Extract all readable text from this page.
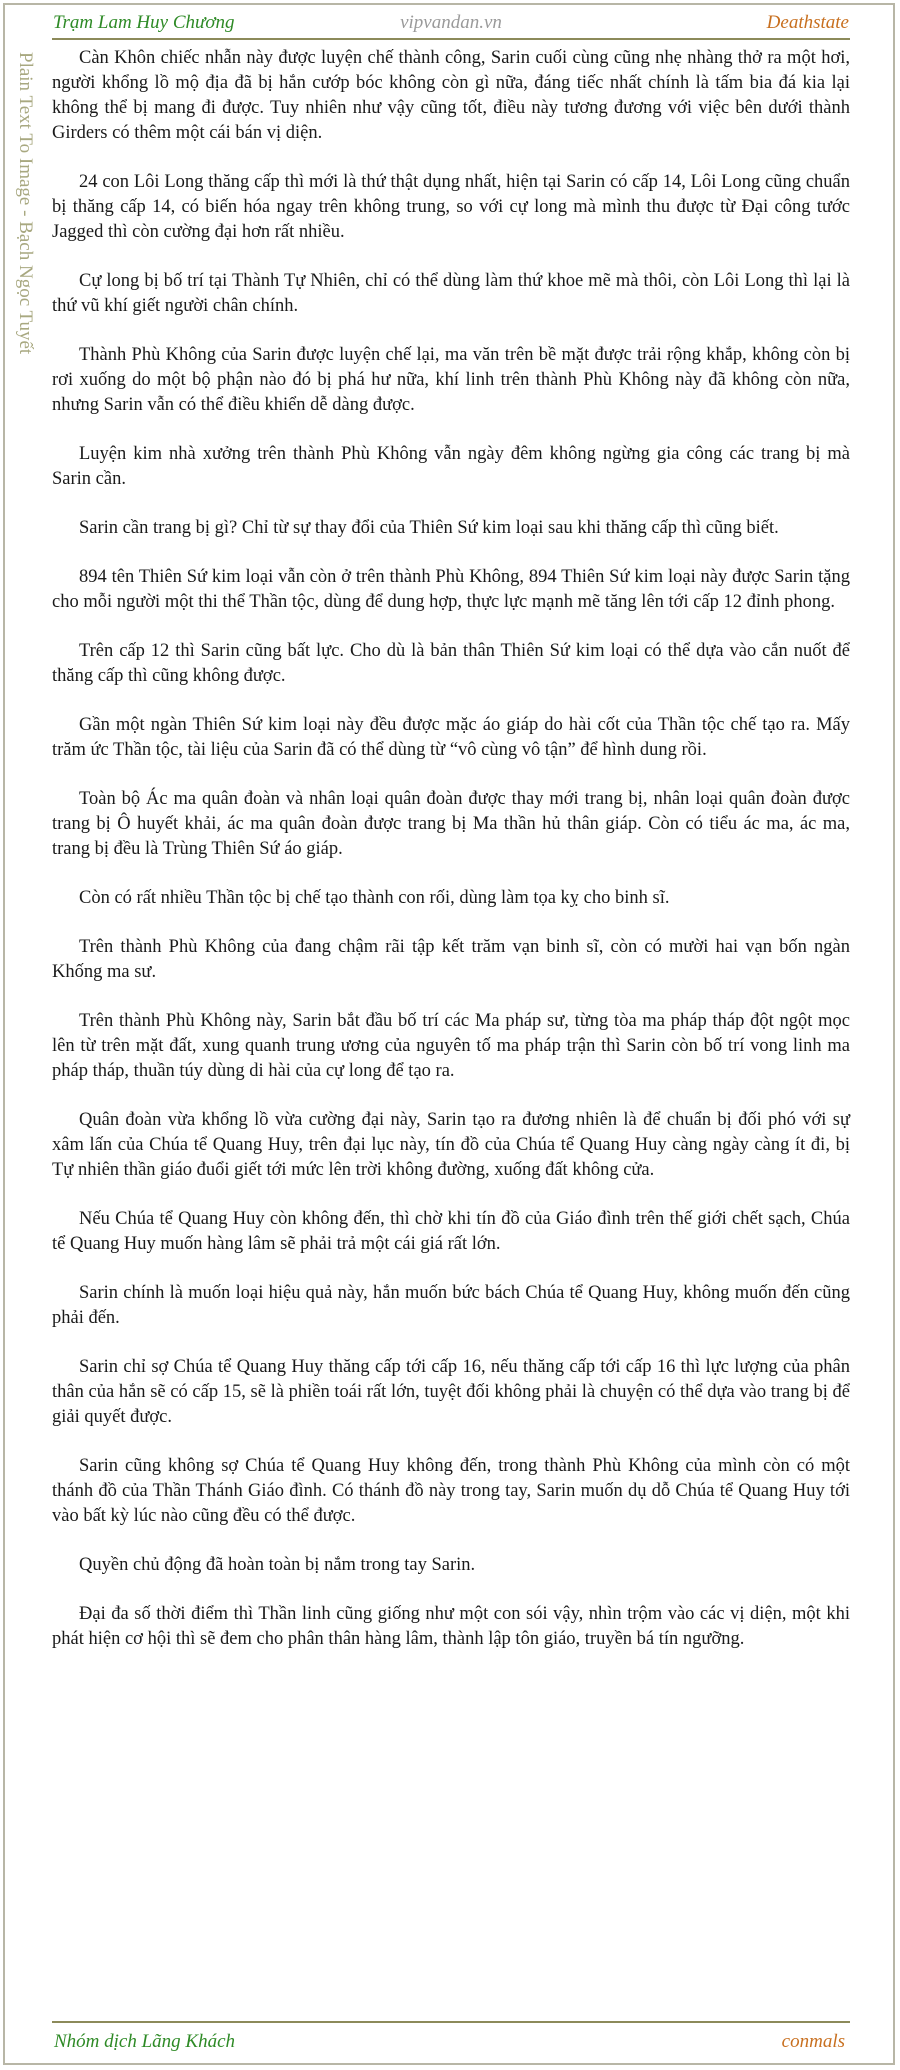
Trạm Lam Huy Chương	vipvandan.vn	Deathstate
Plain Text To Image - Bạch Ngọc Tuyết	Càn Khôn chiếc nhẫn này được luyện chế thành công, Sarin cuối cùng cũng nhẹ nhàng thở ra một hơi, người khổng lồ mộ địa đã bị hắn cướp bóc không còn gì nữa, đáng tiếc nhất chính là tấm bia đá kia lại không thể bị mang đi được. Tuy nhiên như vậy cũng tốt, điều này tương đương với việc bên dưới thành Girders có thêm một cái bán vị diện.

24 con Lôi Long thăng cấp thì mới là thứ thật dụng nhất, hiện tại Sarin có cấp 14, Lôi Long cũng chuẩn bị thăng cấp 14, có biến hóa ngay trên không trung, so với cự long mà mình thu được từ Đại công tước Jagged thì còn cường đại hơn rất nhiều.

Cự long bị bố trí tại Thành Tự Nhiên, chỉ có thể dùng làm thứ khoe mẽ mà thôi, còn Lôi Long thì lại là thứ vũ khí giết người chân chính.

Thành Phù Không của Sarin được luyện chế lại, ma văn trên bề mặt được trải rộng khắp, không còn bị rơi xuống do một bộ phận nào đó bị phá hư nữa, khí linh trên thành Phù Không này đã không còn nữa, nhưng Sarin vẫn có thể điều khiển dễ dàng được.

Luyện kim nhà xưởng trên thành Phù Không vẫn ngày đêm không ngừng gia công các trang bị mà Sarin cần.

Sarin cần trang bị gì? Chỉ từ sự thay đổi của Thiên Sứ kim loại sau khi thăng cấp thì cũng biết.

894 tên Thiên Sứ kim loại vẫn còn ở trên thành Phù Không, 894 Thiên Sứ kim loại này được Sarin tặng cho mỗi người một thi thể Thần tộc, dùng để dung hợp, thực lực mạnh mẽ tăng lên tới cấp 12 đỉnh phong.

Trên cấp 12 thì Sarin cũng bất lực. Cho dù là bản thân Thiên Sứ kim loại có thể dựa vào cắn nuốt để thăng cấp thì cũng không được.

Gần một ngàn Thiên Sứ kim loại này đều được mặc áo giáp do hài cốt của Thần tộc chế tạo ra. Mấy trăm ức Thần tộc, tài liệu của Sarin đã có thể dùng từ “vô cùng vô tận” để hình dung rồi.

Toàn bộ Ác ma quân đoàn và nhân loại quân đoàn được thay mới trang bị, nhân loại quân đoàn được trang bị Ô huyết khải, ác ma quân đoàn được trang bị Ma thần hủ thân giáp. Còn có tiểu ác ma, ác ma, trang bị đều là Trùng Thiên Sứ áo giáp.

Còn có rất nhiều Thần tộc bị chế tạo thành con rối, dùng làm tọa kỵ cho binh sĩ.

Trên thành Phù Không của đang chậm rãi tập kết trăm vạn binh sĩ, còn có mười hai vạn bốn ngàn Khống ma sư.

Trên thành Phù Không này, Sarin bắt đầu bố trí các Ma pháp sư, từng tòa ma pháp tháp đột ngột mọc lên từ trên mặt đất, xung quanh trung ương của nguyên tố ma pháp trận thì Sarin còn bố trí vong linh ma pháp tháp, thuần túy dùng di hài của cự long để tạo ra.

Quân đoàn vừa khổng lồ vừa cường đại này, Sarin tạo ra đương nhiên là để chuẩn bị đối phó với sự xâm lấn của Chúa tể Quang Huy, trên đại lục này, tín đồ của Chúa tể Quang Huy càng ngày càng ít đi, bị Tự nhiên thần giáo đuổi giết tới mức lên trời không đường, xuống đất không cửa.

Nếu Chúa tể Quang Huy còn không đến, thì chờ khi tín đồ của Giáo đình trên thế giới chết sạch, Chúa tể Quang Huy muốn hàng lâm sẽ phải trả một cái giá rất lớn.

Sarin chính là muốn loại hiệu quả này, hắn muốn bức bách Chúa tể Quang Huy, không muốn đến cũng phải đến.

Sarin chỉ sợ Chúa tể Quang Huy thăng cấp tới cấp 16, nếu thăng cấp tới cấp 16 thì lực lượng của phân thân của hắn sẽ có cấp 15, sẽ là phiền toái rất lớn, tuyệt đối không phải là chuyện có thể dựa vào trang bị để giải quyết được.

Sarin cũng không sợ Chúa tể Quang Huy không đến, trong thành Phù Không của mình còn có một thánh đồ của Thần Thánh Giáo đình. Có thánh đồ này trong tay, Sarin muốn dụ dỗ Chúa tể Quang Huy tới vào bất kỳ lúc nào cũng đều có thể được.

Quyền chủ động đã hoàn toàn bị nắm trong tay Sarin.

Đại đa số thời điểm thì Thần linh cũng giống như một con sói vậy, nhìn trộm vào các vị diện, một khi phát hiện cơ hội thì sẽ đem cho phân thân hàng lâm, thành lập tôn giáo, truyền bá tín ngưỡng.

Nhóm dịch Lãng Khách	conmals
